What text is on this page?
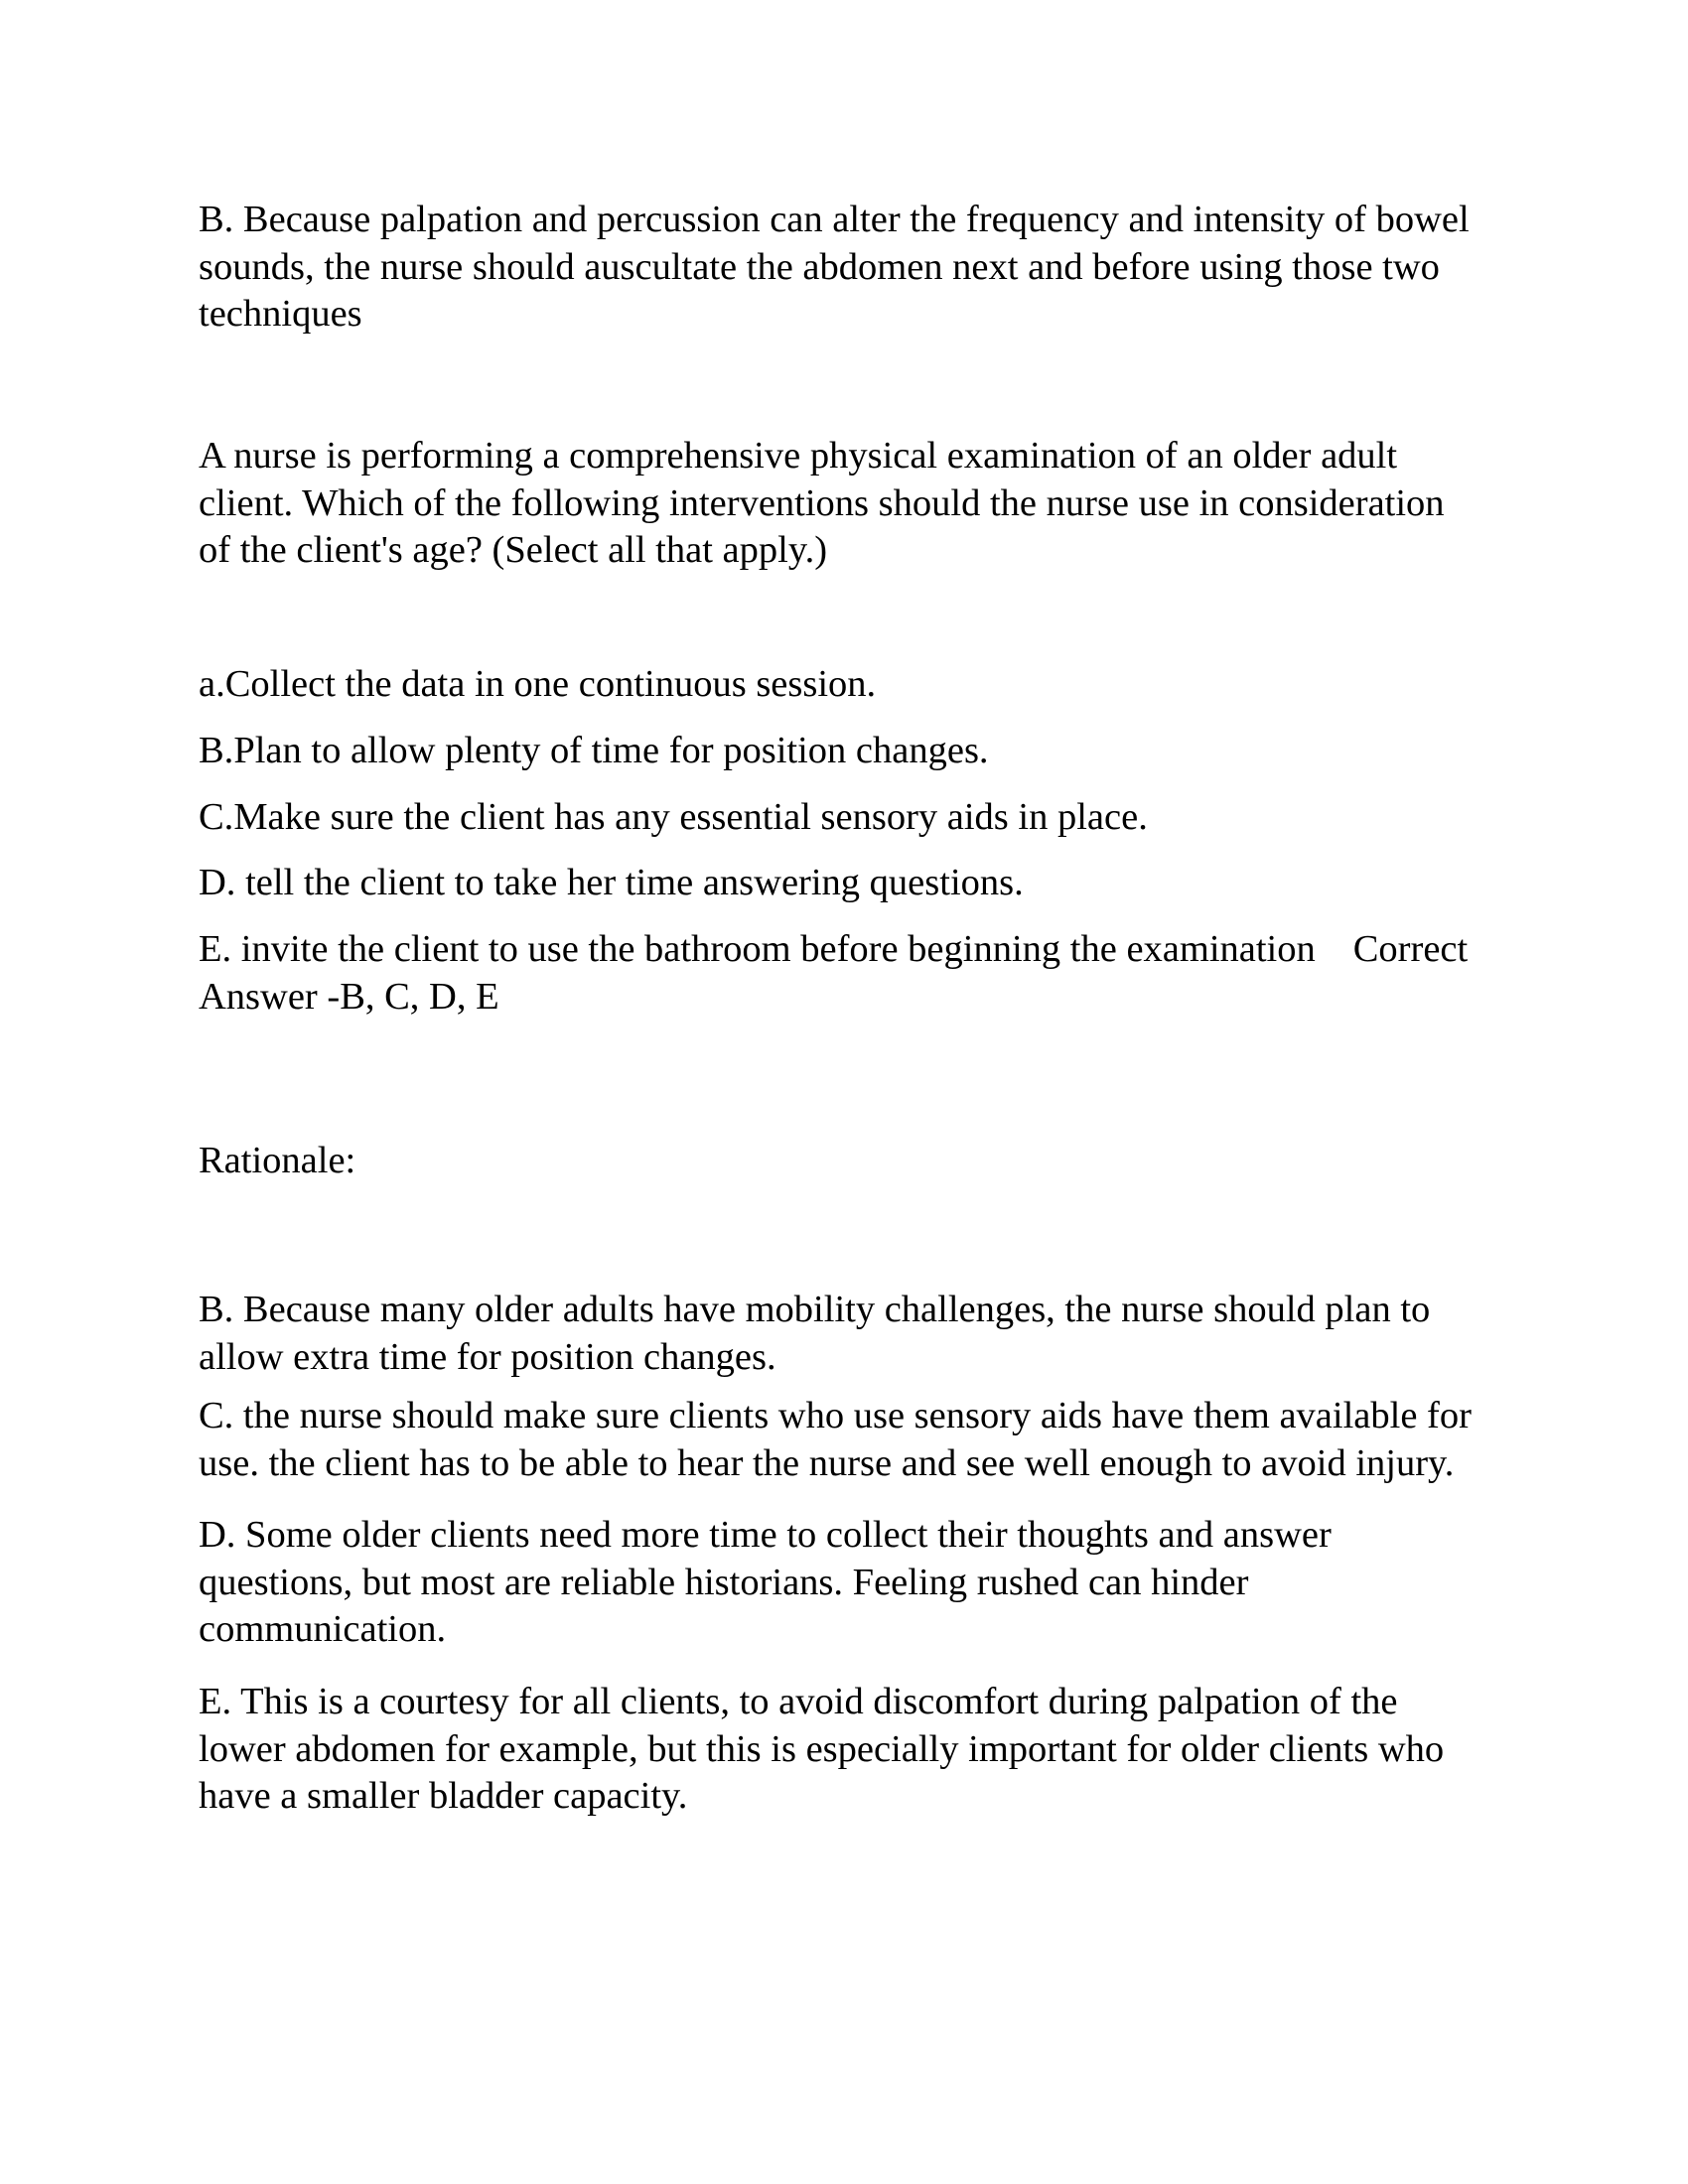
B. Because palpation and percussion can alter the frequency and intensity of bowel
sounds, the nurse should auscultate the abdomen next and before using those two
techniques
A nurse is performing a comprehensive physical examination of an older adult
client. Which of the following interventions should the nurse use in consideration
of the client's age? (Select all that apply.)
a.Collect the data in one continuous session.
B.Plan to allow plenty of time for position changes.
C.Make sure the client has any essential sensory aids in place.
D. tell the client to take her time answering questions.
E. invite the client to use the bathroom before beginning the examination Correct
Answer -B, C, D, E
Rationale:
B. Because many older adults have mobility challenges, the nurse should plan to
allow extra time for position changes.
C. the nurse should make sure clients who use sensory aids have them available for
use. the client has to be able to hear the nurse and see well enough to avoid injury.
D. Some older clients need more time to collect their thoughts and answer
questions, but most are reliable historians. Feeling rushed can hinder
communication.
E. This is a courtesy for all clients, to avoid discomfort during palpation of the
lower abdomen for example, but this is especially important for older clients who
have a smaller bladder capacity.
